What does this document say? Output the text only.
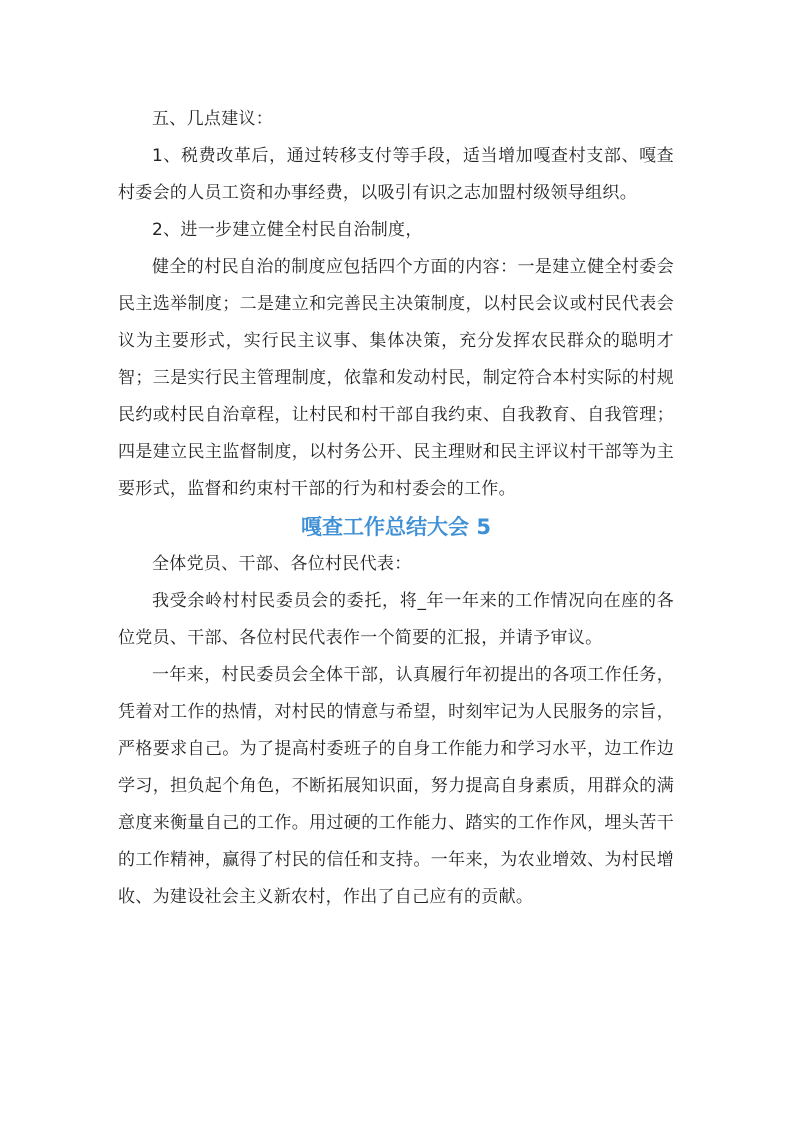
五、几点建议：

1、税费改革后，通过转移支付等手段，适当增加嘎查村支部、嘎查村委会的人员工资和办事经费，以吸引有识之志加盟村级领导组织。

2、进一步建立健全村民自治制度，

健全的村民自治的制度应包括四个方面的内容：一是建立健全村委会民主选举制度；二是建立和完善民主决策制度，以村民会议或村民代表会议为主要形式，实行民主议事、集体决策，充分发挥农民群众的聪明才智；三是实行民主管理制度，依靠和发动村民，制定符合本村实际的村规民约或村民自治章程，让村民和村干部自我约束、自我教育、自我管理；四是建立民主监督制度，以村务公开、民主理财和民主评议村干部等为主要形式，监督和约束村干部的行为和村委会的工作。

嘎查工作总结大会 5

全体党员、干部、各位村民代表：

我受余岭村村民委员会的委托，将_年一年来的工作情况向在座的各位党员、干部、各位村民代表作一个简要的汇报，并请予审议。

一年来，村民委员会全体干部，认真履行年初提出的各项工作任务，凭着对工作的热情，对村民的情意与希望，时刻牢记为人民服务的宗旨，严格要求自己。为了提高村委班子的自身工作能力和学习水平，边工作边学习，担负起个角色，不断拓展知识面，努力提高自身素质，用群众的满意度来衡量自己的工作。用过硬的工作能力、踏实的工作作风，埋头苦干的工作精神，赢得了村民的信任和支持。一年来，为农业增效、为村民增收、为建设社会主义新农村，作出了自己应有的贡献。
